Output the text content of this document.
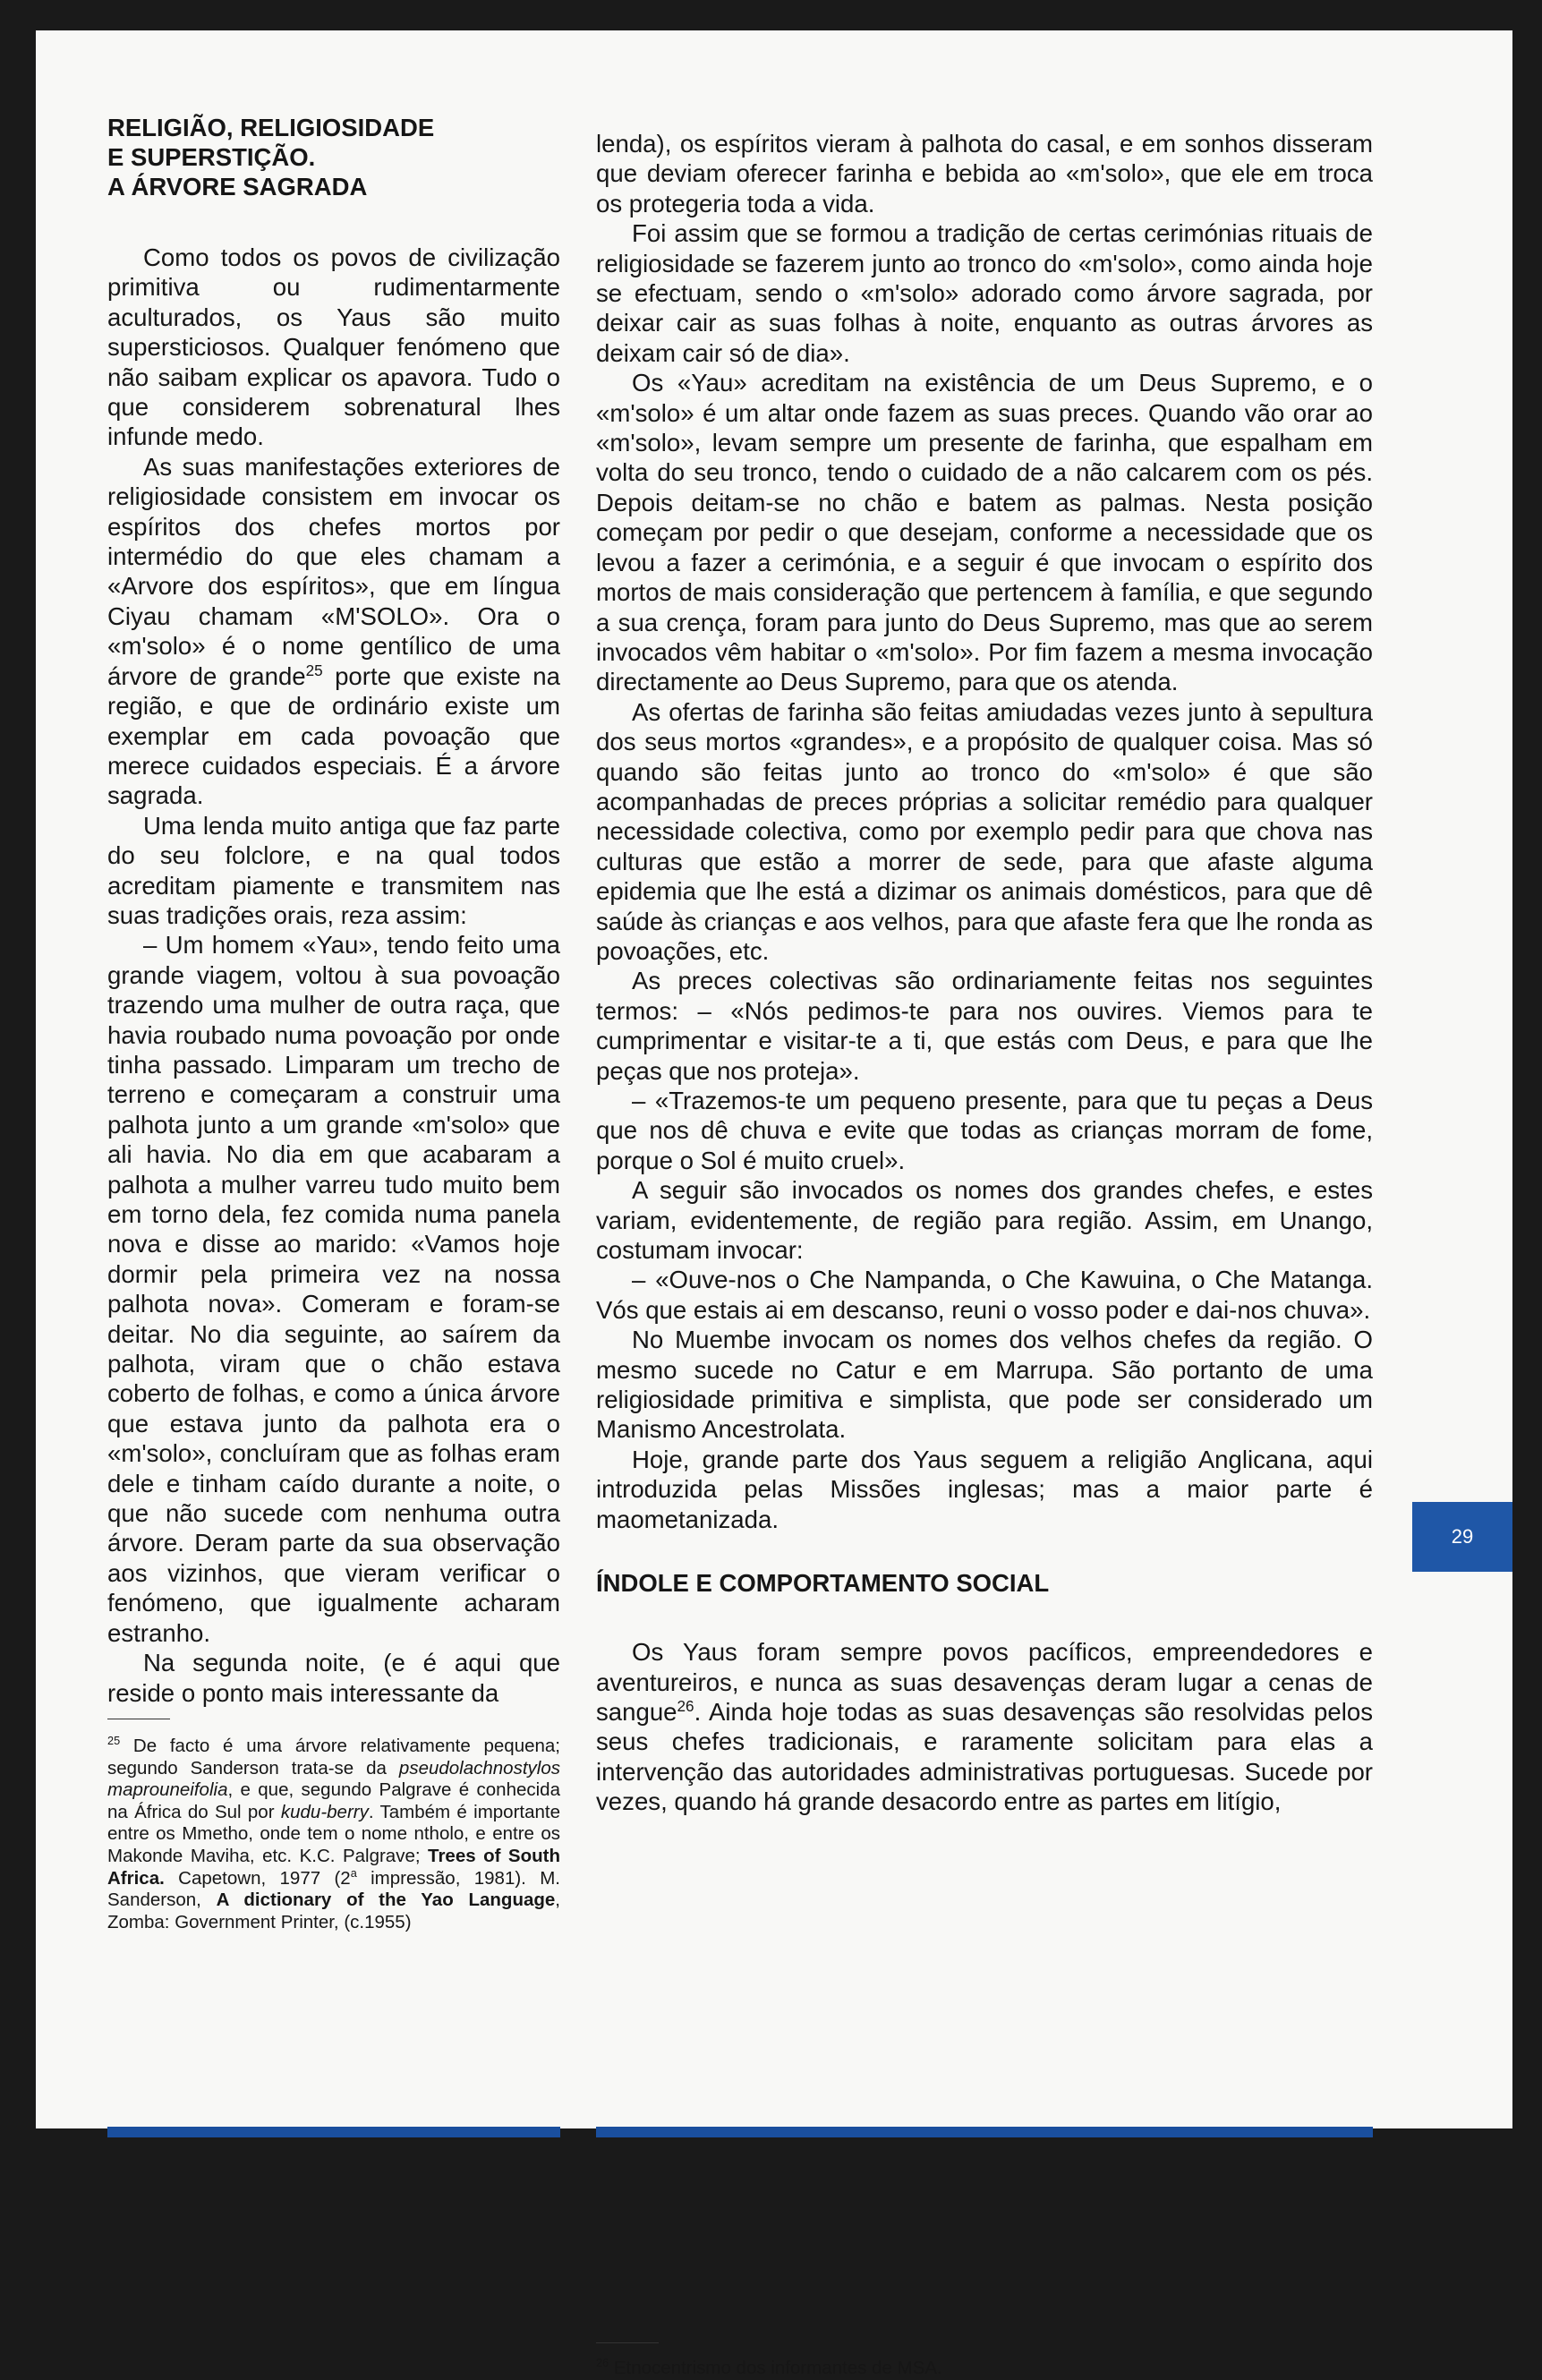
RELIGIÃO, RELIGIOSIDADE
E SUPERSTIÇÃO.
A ÁRVORE SAGRADA

Como todos os povos de civilização primitiva ou rudimentarmente aculturados, os Yaus são muito supersticiosos. Qualquer fenómeno que não saibam explicar os apavora. Tudo o que considerem sobrenatural lhes infunde medo.

As suas manifestações exteriores de religiosidade consistem em invocar os espíritos dos chefes mortos por intermédio do que eles chamam a «Arvore dos espíritos», que em língua Ciyau chamam «M'SOLO». Ora o «m'solo» é o nome gentílico de uma árvore de grande$^{25}$ porte que existe na região, e que de ordinário existe um exemplar em cada povoação que merece cuidados especiais. É a árvore sagrada.

Uma lenda muito antiga que faz parte do seu folclore, e na qual todos acreditam piamente e transmitem nas suas tradições orais, reza assim:

– Um homem «Yau», tendo feito uma grande viagem, voltou à sua povoação trazendo uma mulher de outra raça, que havia roubado numa povoação por onde tinha passado. Limparam um trecho de terreno e começaram a construir uma palhota junto a um grande «m'solo» que ali havia. No dia em que acabaram a palhota a mulher varreu tudo muito bem em torno dela, fez comida numa panela nova e disse ao marido: «Vamos hoje dormir pela primeira vez na nossa palhota nova». Comeram e foram-se deitar. No dia seguinte, ao saírem da palhota, viram que o chão estava coberto de folhas, e como a única árvore que estava junto da palhota era o «m'solo», concluíram que as folhas eram dele e tinham caído durante a noite, o que não sucede com nenhuma outra árvore. Deram parte da sua observação aos vizinhos, que vieram verificar o fenómeno, que igualmente acharam estranho.

Na segunda noite, (e é aqui que reside o ponto mais interessante da

$^{25}$ De facto é uma árvore relativamente pequena; segundo Sanderson trata-se da pseudolachnostylos maprouneifolia, e que, segundo Palgrave é conhecida na África do Sul por kudu-berry. Também é importante entre os Mmetho, onde tem o nome ntholo, e entre os Makonde Maviha, etc. K.C. Palgrave; Trees of South Africa. Capetown, 1977 (2$^a$ impressão, 1981). M. Sanderson, A dictionary of the Yao Language, Zomba: Government Printer, (c.1955)

lenda), os espíritos vieram à palhota do casal, e em sonhos disseram que deviam oferecer farinha e bebida ao «m'solo», que ele em troca os protegeria toda a vida.

Foi assim que se formou a tradição de certas cerimónias rituais de religiosidade se fazerem junto ao tronco do «m'solo», como ainda hoje se efectuam, sendo o «m'solo» adorado como árvore sagrada, por deixar cair as suas folhas à noite, enquanto as outras árvores as deixam cair só de dia».

Os «Yau» acreditam na existência de um Deus Supremo, e o «m'solo» é um altar onde fazem as suas preces. Quando vão orar ao «m'solo», levam sempre um presente de farinha, que espalham em volta do seu tronco, tendo o cuidado de a não calcarem com os pés. Depois deitam-se no chão e batem as palmas. Nesta posição começam por pedir o que desejam, conforme a necessidade que os levou a fazer a cerimónia, e a seguir é que invocam o espírito dos mortos de mais consideração que pertencem à família, e que segundo a sua crença, foram para junto do Deus Supremo, mas que ao serem invocados vêm habitar o «m'solo». Por fim fazem a mesma invocação directamente ao Deus Supremo, para que os atenda.

As ofertas de farinha são feitas amiudadas vezes junto à sepultura dos seus mortos «grandes», e a propósito de qualquer coisa. Mas só quando são feitas junto ao tronco do «m'solo» é que são acompanhadas de preces próprias a solicitar remédio para qualquer necessidade colectiva, como por exemplo pedir para que chova nas culturas que estão a morrer de sede, para que afaste alguma epidemia que lhe está a dizimar os animais domésticos, para que dê saúde às crianças e aos velhos, para que afaste fera que lhe ronda as povoações, etc.

As preces colectivas são ordinariamente feitas nos seguintes termos: – «Nós pedimos-te para nos ouvires. Viemos para te cumprimentar e visitar-te a ti, que estás com Deus, e para que lhe peças que nos proteja».

– «Trazemos-te um pequeno presente, para que tu peças a Deus que nos dê chuva e evite que todas as crianças morram de fome, porque o Sol é muito cruel».

A seguir são invocados os nomes dos grandes chefes, e estes variam, evidentemente, de região para região. Assim, em Unango, costumam invocar:

– «Ouve-nos o Che Nampanda, o Che Kawuina, o Che Matanga. Vós que estais ai em descanso, reuni o vosso poder e dai-nos chuva».

No Muembe invocam os nomes dos velhos chefes da região. O mesmo sucede no Catur e em Marrupa. São portanto de uma religiosidade primitiva e simplista, que pode ser considerado um Manismo Ancestrolata.

Hoje, grande parte dos Yaus seguem a religião Anglicana, aqui introduzida pelas Missões inglesas; mas a maior parte é maometanizada.

ÍNDOLE E COMPORTAMENTO SOCIAL

Os Yaus foram sempre povos pacíficos, empreendedores e aventureiros, e nunca as suas desavenças deram lugar a cenas de sangue$^{26}$. Ainda hoje todas as suas desavenças são resolvidas pelos seus chefes tradicionais, e raramente solicitam para elas a intervenção das autoridades administrativas portuguesas. Sucede por vezes, quando há grande desacordo entre as partes em litígio,

$^{26}$ Etnocentrismo dos informantes de MSA.
29
